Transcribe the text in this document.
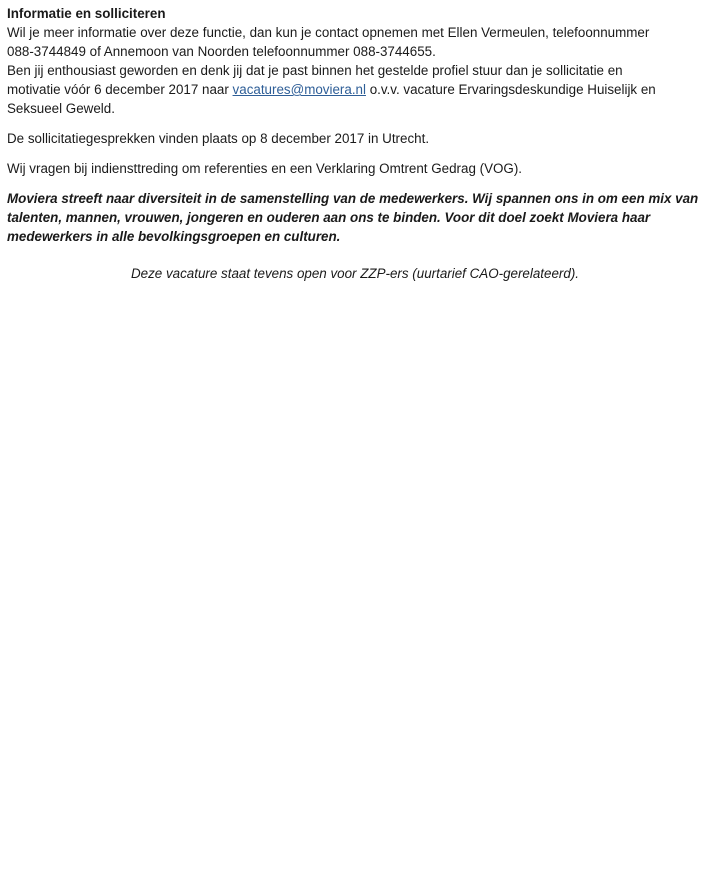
Informatie en solliciteren

Wil je meer informatie over deze functie, dan kun je contact opnemen met Ellen Vermeulen, telefoonnummer

088-3744849 of Annemoon van Noorden telefoonnummer 088-3744655.

Ben jij enthousiast geworden en denk jij dat je past binnen het gestelde profiel stuur dan je sollicitatie en

motivatie vóór 6 december 2017 naar vacatures@moviera.nl o.v.v. vacature Ervaringsdeskundige Huiselijk en

Seksueel Geweld.

De sollicitatiegesprekken vinden plaats op 8 december 2017 in Utrecht.

Wij vragen bij indiensttreding om referenties en een Verklaring Omtrent Gedrag (VOG).

Moviera streeft naar diversiteit in de samenstelling van de medewerkers. Wij spannen ons in om een mix van

talenten, mannen, vrouwen, jongeren en ouderen aan ons te binden. Voor dit doel zoekt Moviera haar

medewerkers in alle bevolkingsgroepen en culturen.

Deze vacature staat tevens open voor ZZP-ers (uurtarief CAO-gerelateerd).
